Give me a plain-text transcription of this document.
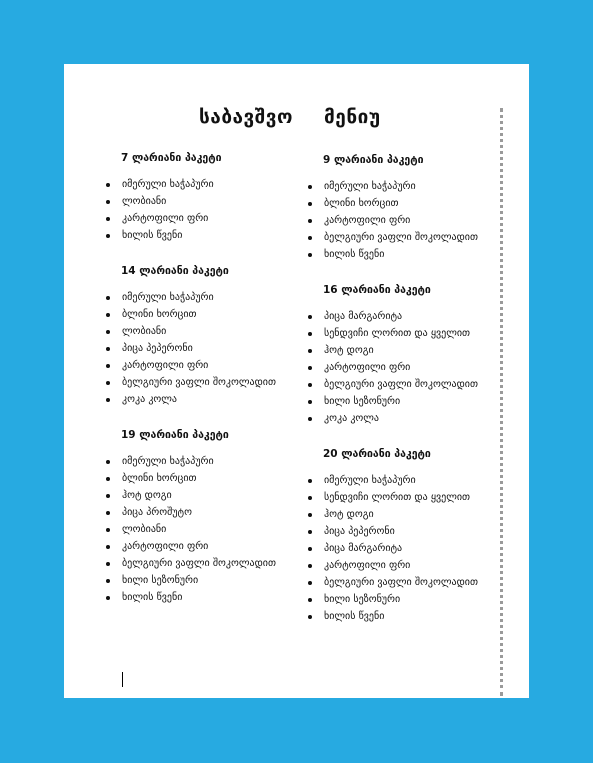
საბავშვო მენიუ
7 ლარიანი პაკეტი
იმერული ხაჭაპური
ლობიანი
კარტოფილი ფრი
ხილის წვენი
14 ლარიანი პაკეტი
იმერული ხაჭაპური
ბლინი ხორცით
ლობიანი
პიცა პეპერონი
კარტოფილი ფრი
ბელგიური ვაფლი შოკოლადით
კოკა კოლა
19 ლარიანი პაკეტი
იმერული ხაჭაპური
ბლინი ხორცით
ჰოტ დოგი
პიცა პროშუტო
ლობიანი
კარტოფილი ფრი
ბელგიური ვაფლი შოკოლადით
ხილი სეზონური
ხილის წვენი
9 ლარიანი პაკეტი
იმერული ხაჭაპური
ბლინი ხორცით
კარტოფილი ფრი
ბელგიური ვაფლი შოკოლადით
ხილის წვენი
16 ლარიანი პაკეტი
პიცა მარგარიტა
სენდვიჩი ლორით და ყველით
ჰოტ დოგი
კარტოფილი ფრი
ბელგიური ვაფლი შოკოლადით
ხილი სეზონური
კოკა კოლა
20 ლარიანი პაკეტი
იმერული ხაჭაპური
სენდვიჩი ლორით და ყველით
ჰოტ დოგი
პიცა პეპერონი
პიცა მარგარიტა
კარტოფილი ფრი
ბელგიური ვაფლი შოკოლადით
ხილი სეზონური
ხილის წვენი
